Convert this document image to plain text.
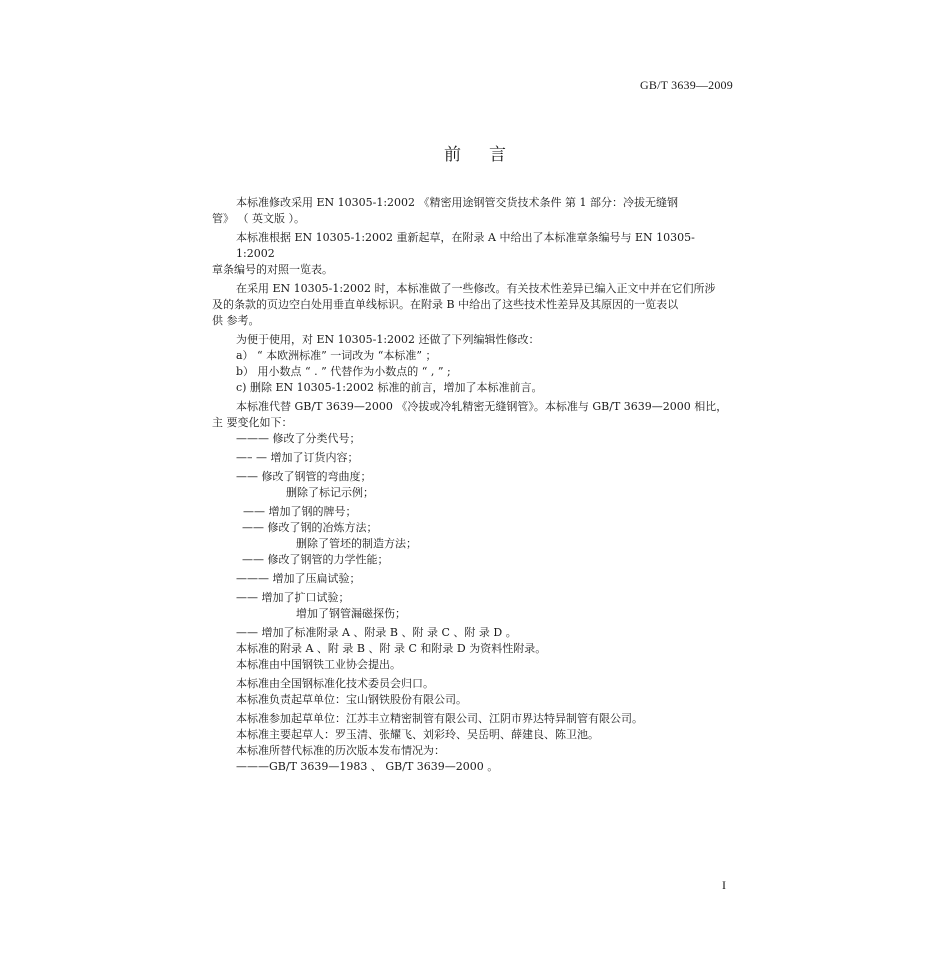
GB/T 3639—2009
前言

本标准修改采用 EN 10305-1:2002 《精密用途钢管交货技术条件 第 1 部分：冷拔无缝钢

管》 （ 英文版 ）。

本标准根据 EN 10305-1:2002 重新起草，在附录 A 中给出了本标准章条编号与 EN 10305-

1:2002

章条编号的对照一览表。

在采用 EN 10305-1:2002 时，本标准做了一些修改。有关技术性差异已编入正文中并在它们所涉

及的条款的页边空白处用垂直单线标识。在附录 B 中给出了这些技术性差异及其原因的一览表以

供 参考。

为便于使用，对 EN 10305-1:2002 还做了下列编辑性修改：

a） “ 本欧洲标准” 一词改为 “本标准” ；

b） 用小数点 “ . ” 代替作为小数点的 “ , ” ;

c) 删除 EN 10305-1:2002 标准的前言，增加了本标准前言。

本标准代替 GB/T 3639—2000 《冷拔或冷轧精密无缝钢管》。本标准与 GB/T 3639—2000 相比，

主 要变化如下：

——— 修改了分类代号；

—– — 增加了订货内容；

—— 修改了钢管的弯曲度；

删除了标记示例；

—— 增加了钢的牌号；

—— 修改了钢的冶炼方法；

删除了管坯的制造方法；

—— 修改了钢管的力学性能；

——— 增加了压扁试验；

—— 增加了扩口试验；

增加了钢管漏磁探伤；

—— 增加了标准附录 A 、附录 B 、附 录 C 、附 录 D 。

本标准的附录 A 、附 录 B 、附 录 C 和附录 D 为资料性附录。

本标准由中国钢铁工业协会提出。

本标准由全国钢标准化技术委员会归口。

本标准负责起草单位：宝山钢铁股份有限公司。

本标准参加起草单位：江苏丰立精密制管有限公司、江阴市界达特异制管有限公司。

本标准主要起草人：罗玉清、张耀飞、刘彩玲、吴岳明、薛建良、陈卫池。

本标准所替代标准的历次版本发布情况为：

———GB/T 3639—1983 、 GB/T 3639—2000 。

I
